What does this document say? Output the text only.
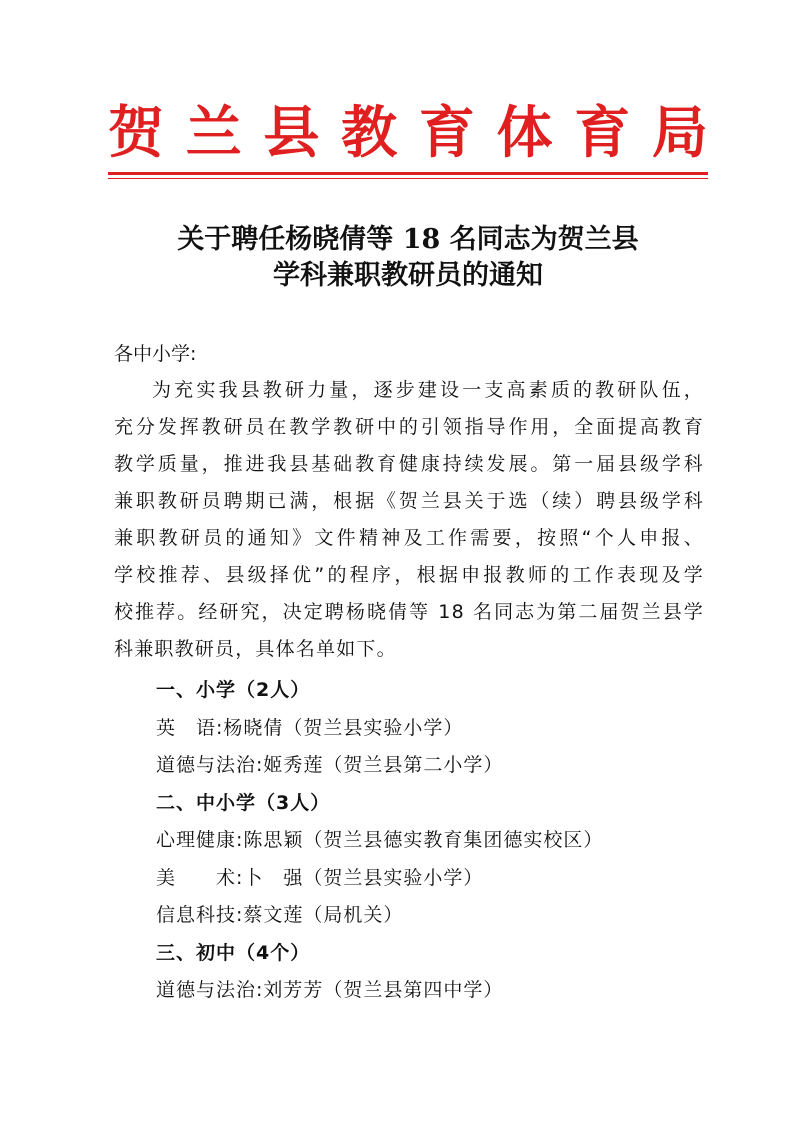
贺 兰 县 教 育 体 育 局
关于聘任杨晓倩等 18 名同志为贺兰县
学科兼职教研员的通知
各中小学:
为充实我县教研力量，逐步建设一支高素质的教研队伍，
充分发挥教研员在教学教研中的引领指导作用，全面提高教育
教学质量，推进我县基础教育健康持续发展。第一届县级学科
兼职教研员聘期已满，根据《贺兰县关于选（续）聘县级学科
兼职教研员的通知》文件精神及工作需要，按照“个人申报、
学校推荐、县级择优”的程序，根据申报教师的工作表现及学
校推荐。经研究，决定聘杨晓倩等 18 名同志为第二届贺兰县学
科兼职教研员，具体名单如下。
一、小学（2人）
英　语:杨晓倩（贺兰县实验小学）
道德与法治:姬秀莲（贺兰县第二小学）
二、中小学（3人）
心理健康:陈思颖（贺兰县德实教育集团德实校区）
美　　术:卜　强（贺兰县实验小学）
信息科技:蔡文莲（局机关）
三、初中（4个）
道德与法治:刘芳芳（贺兰县第四中学）
